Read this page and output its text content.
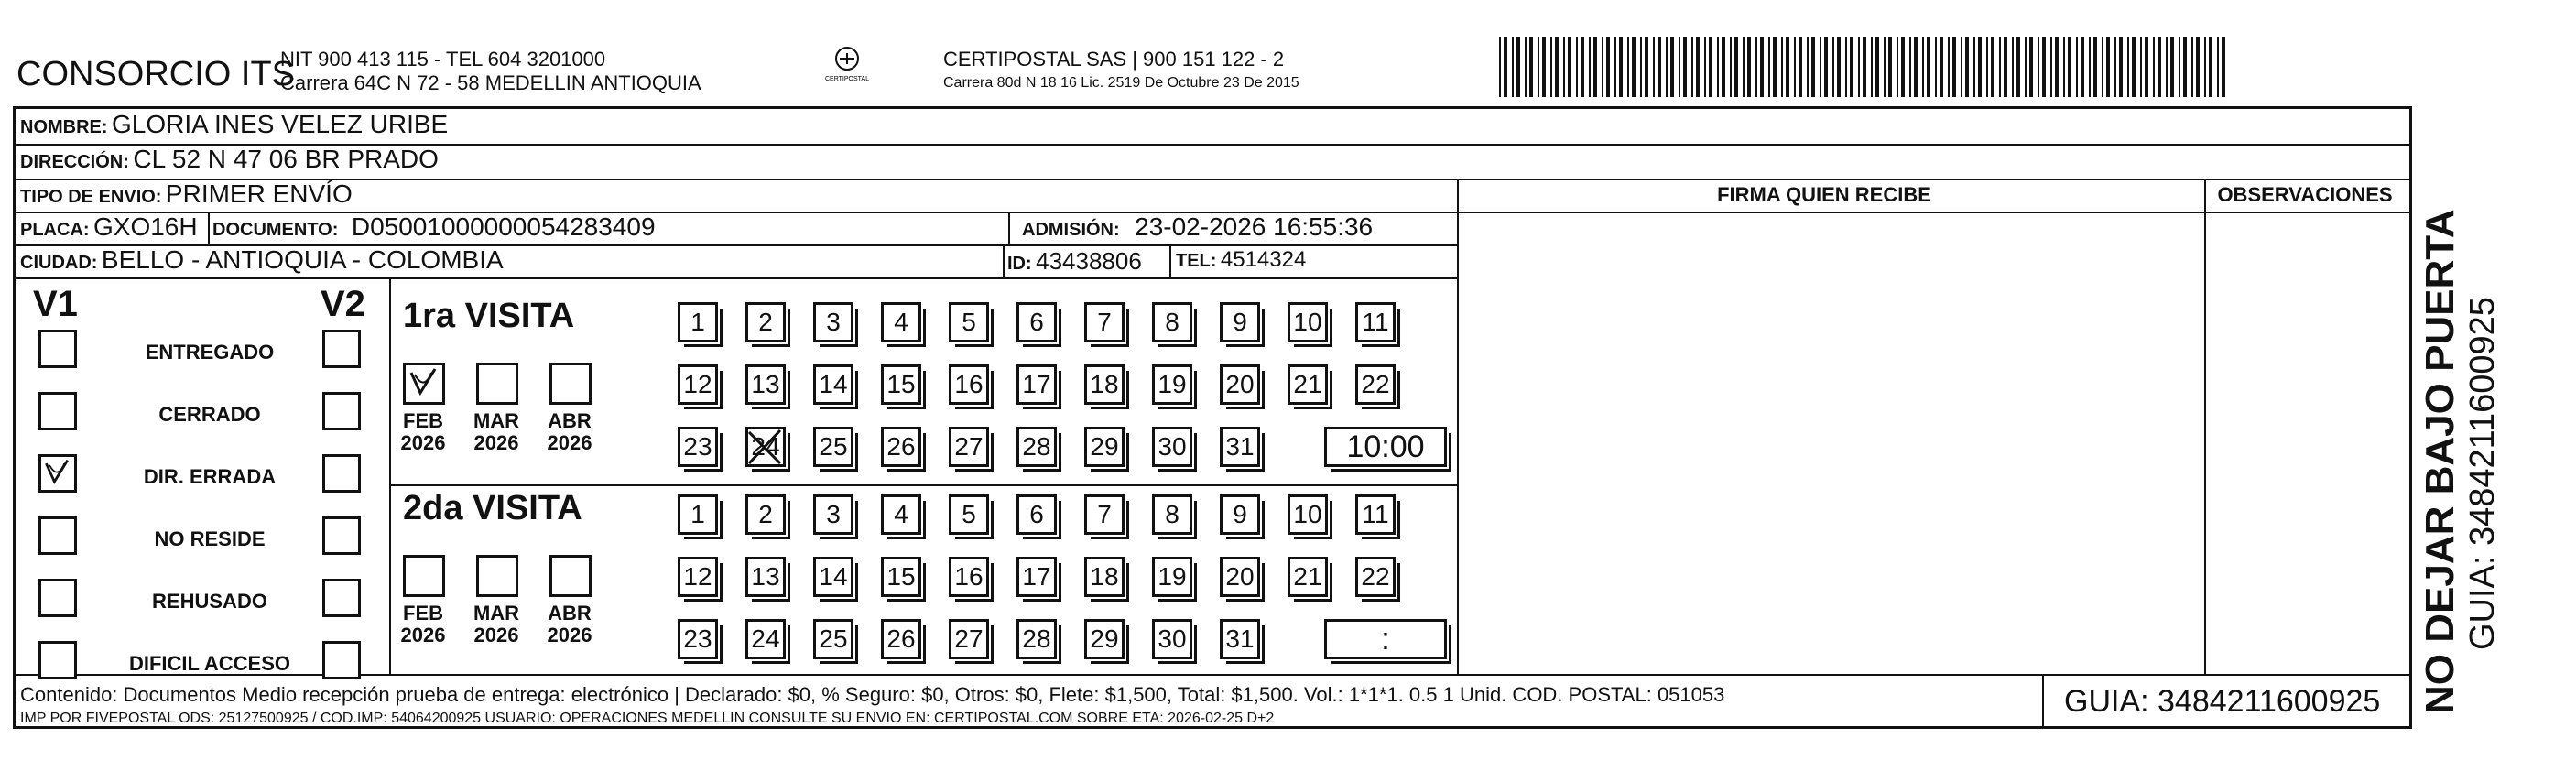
CONSORCIO ITS
NIT 900 413 115 - TEL 604 3201000
Carrera 64C N 72 - 58 MEDELLIN ANTIOQUIA	CERTIPOSTAL
CERTIPOSTAL SAS | 900 151 122 - 2
Carrera 80d N 18 16 Lic. 2519 De Octubre 23 De 2015
NOMBRE: GLORIA INES VELEZ URIBE
DIRECCIÓN: CL 52 N 47 06 BR PRADO
TIPO DE ENVIO: PRIMER ENVÍO	FIRMA QUIEN RECIBE	OBSERVACIONES
PLACA: GXO16H DOCUMENTO: D05001000000054283409	ADMISIÓN: 23-02-2026 16:55:36
CIUDAD: BELLO - ANTIOQUIA - COLOMBIA	ID: 43438806 TEL: 4514324
V1	V2
ENTREGADO
CERRADO
DIR. ERRADA
NO RESIDE
REHUSADO
DIFICIL ACCESO
1ra VISITA
2da VISITA
FEB
2026
MAR
2026
ABR
2026
1	2	3	4	5	6	7	8	9	10 11
12 13 14 15 16 17 18 19 20 21 22
23 24 25 26 27 28 29 30 31	10:00
FEB
2026
MAR
2026
ABR
2026
1	2	3	4	5	6	7	8	9	10 11
12 13 14 15 16 17 18 19 20 21 22
23 24 25 26 27 28 29 30 31	:
Contenido: Documentos Medio recepción prueba de entrega: electrónico | Declarado: $0, % Seguro: $0, Otros: $0, Flete: $1,500, Total: $1,500. Vol.: 1*1*1. 0.5 1 Unid. COD. POSTAL: 051053
IMP POR FIVEPOSTAL ODS: 25127500925 / COD.IMP: 54064200925 USUARIO: OPERACIONES MEDELLIN CONSULTE SU ENVIO EN: CERTIPOSTAL.COM SOBRE ETA: 2026-02-25 D+2	GUIA: 3484211600925 NO DEJAR BAJO PUERTA GUIA: 3484211600925
